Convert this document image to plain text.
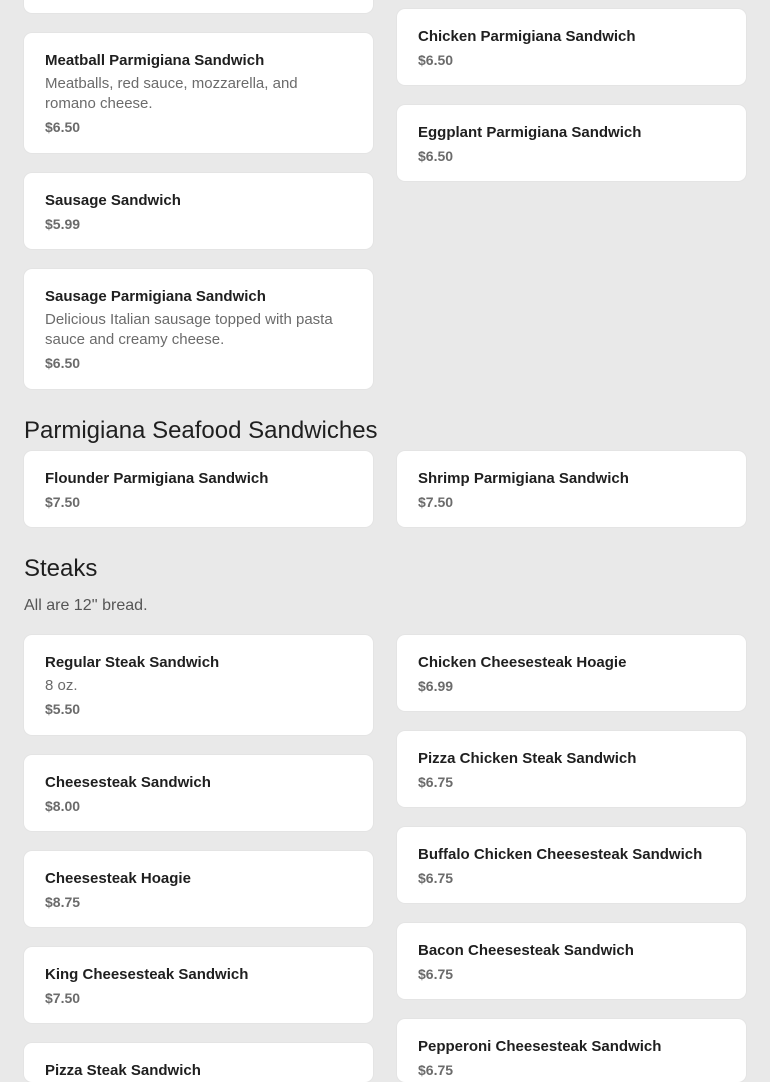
Chicken Parmigiana Sandwich
$6.50
Meatball Parmigiana Sandwich
Meatballs, red sauce, mozzarella, and romano cheese.
$6.50	Eggplant Parmigiana Sandwich
$6.50
Sausage Sandwich
$5.99
Sausage Parmigiana Sandwich
Delicious Italian sausage topped with pasta sauce and creamy cheese.
$6.50
Parmigiana Seafood Sandwiches
Flounder Parmigiana Sandwich
$7.50
Shrimp Parmigiana Sandwich
$7.50
Steaks
All are 12'' bread.
Regular Steak Sandwich
8 oz.
$5.50
Chicken Cheesesteak Hoagie
$6.99
Cheesesteak Sandwich
$8.00
Pizza Chicken Steak Sandwich
$6.75
Cheesesteak Hoagie
$8.75
Buffalo Chicken Cheesesteak Sandwich
$6.75
King Cheesesteak Sandwich
$7.50
Bacon Cheesesteak Sandwich
$6.75
Pizza Steak Sandwich
Pepperoni Cheesesteak Sandwich
$6.75
